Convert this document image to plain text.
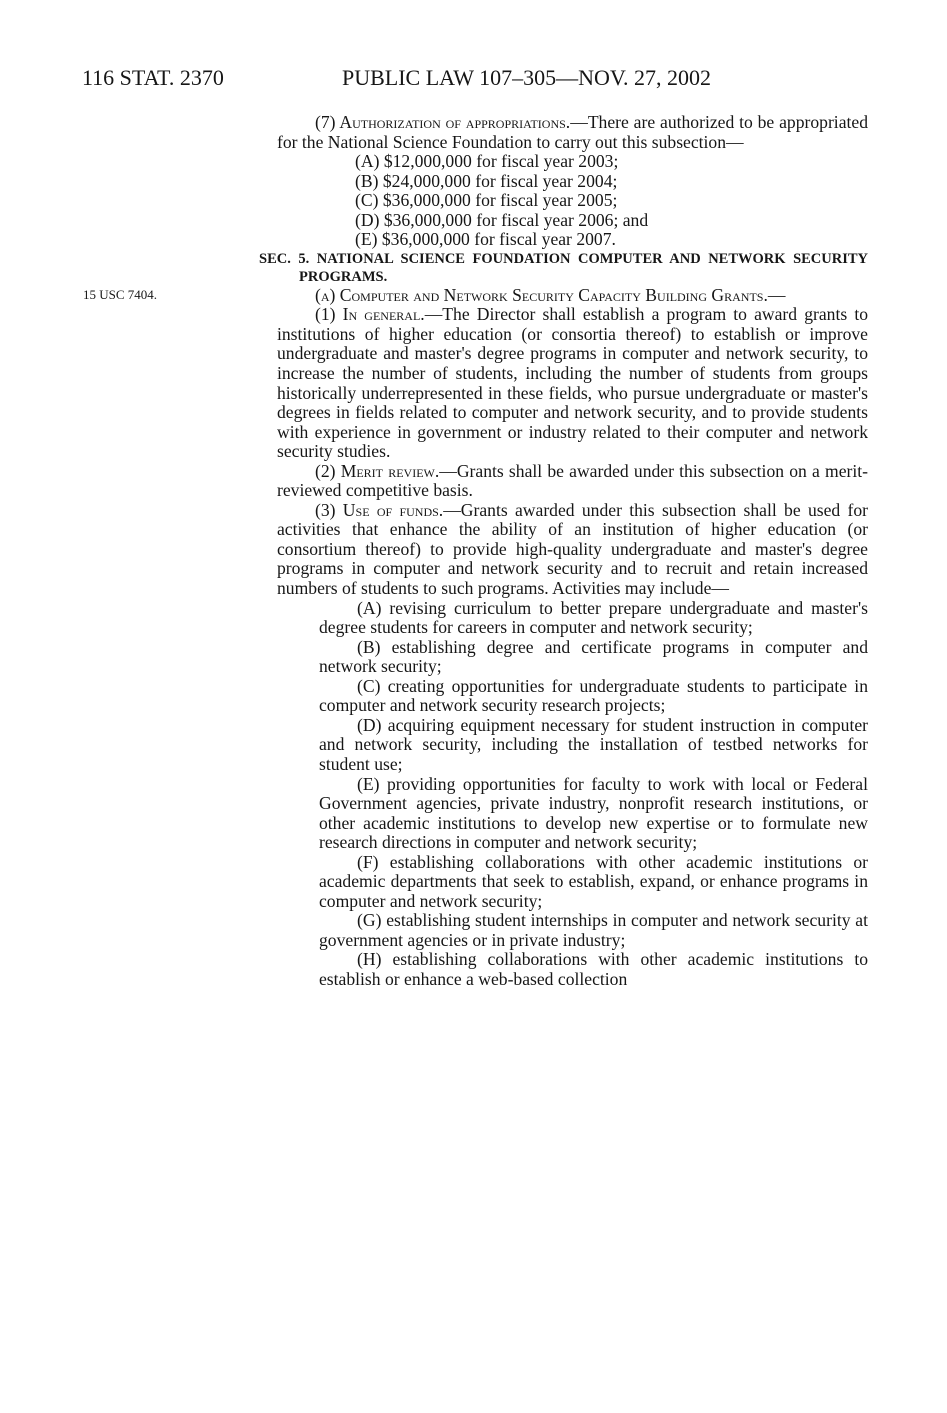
116 STAT. 2370	PUBLIC LAW 107–305—NOV. 27, 2002
15 USC 7404.

(7) Authorization of appropriations.—There are authorized to be appropriated for the National Science Foundation to carry out this subsection—

(A) $12,000,000 for fiscal year 2003;

(B) $24,000,000 for fiscal year 2004;

(C) $36,000,000 for fiscal year 2005;

(D) $36,000,000 for fiscal year 2006; and

(E) $36,000,000 for fiscal year 2007.

SEC. 5. NATIONAL SCIENCE FOUNDATION COMPUTER AND NETWORK SECURITY PROGRAMS.

(a) Computer and Network Security Capacity Building Grants.—

(1) In general.—The Director shall establish a program to award grants to institutions of higher education (or consortia thereof) to establish or improve undergraduate and master's degree programs in computer and network security, to increase the number of students, including the number of students from groups historically underrepresented in these fields, who pursue undergraduate or master's degrees in fields related to computer and network security, and to provide students with experience in government or industry related to their computer and network security studies.

(2) Merit review.—Grants shall be awarded under this subsection on a merit-reviewed competitive basis.

(3) Use of funds.—Grants awarded under this subsection shall be used for activities that enhance the ability of an institution of higher education (or consortium thereof) to provide high-quality undergraduate and master's degree programs in computer and network security and to recruit and retain increased numbers of students to such programs. Activities may include—

(A) revising curriculum to better prepare undergraduate and master's degree students for careers in computer and network security;

(B) establishing degree and certificate programs in computer and network security;

(C) creating opportunities for undergraduate students to participate in computer and network security research projects;

(D) acquiring equipment necessary for student instruction in computer and network security, including the installation of testbed networks for student use;

(E) providing opportunities for faculty to work with local or Federal Government agencies, private industry, nonprofit research institutions, or other academic institutions to develop new expertise or to formulate new research directions in computer and network security;

(F) establishing collaborations with other academic institutions or academic departments that seek to establish, expand, or enhance programs in computer and network security;

(G) establishing student internships in computer and network security at government agencies or in private industry;

(H) establishing collaborations with other academic institutions to establish or enhance a web-based collection
